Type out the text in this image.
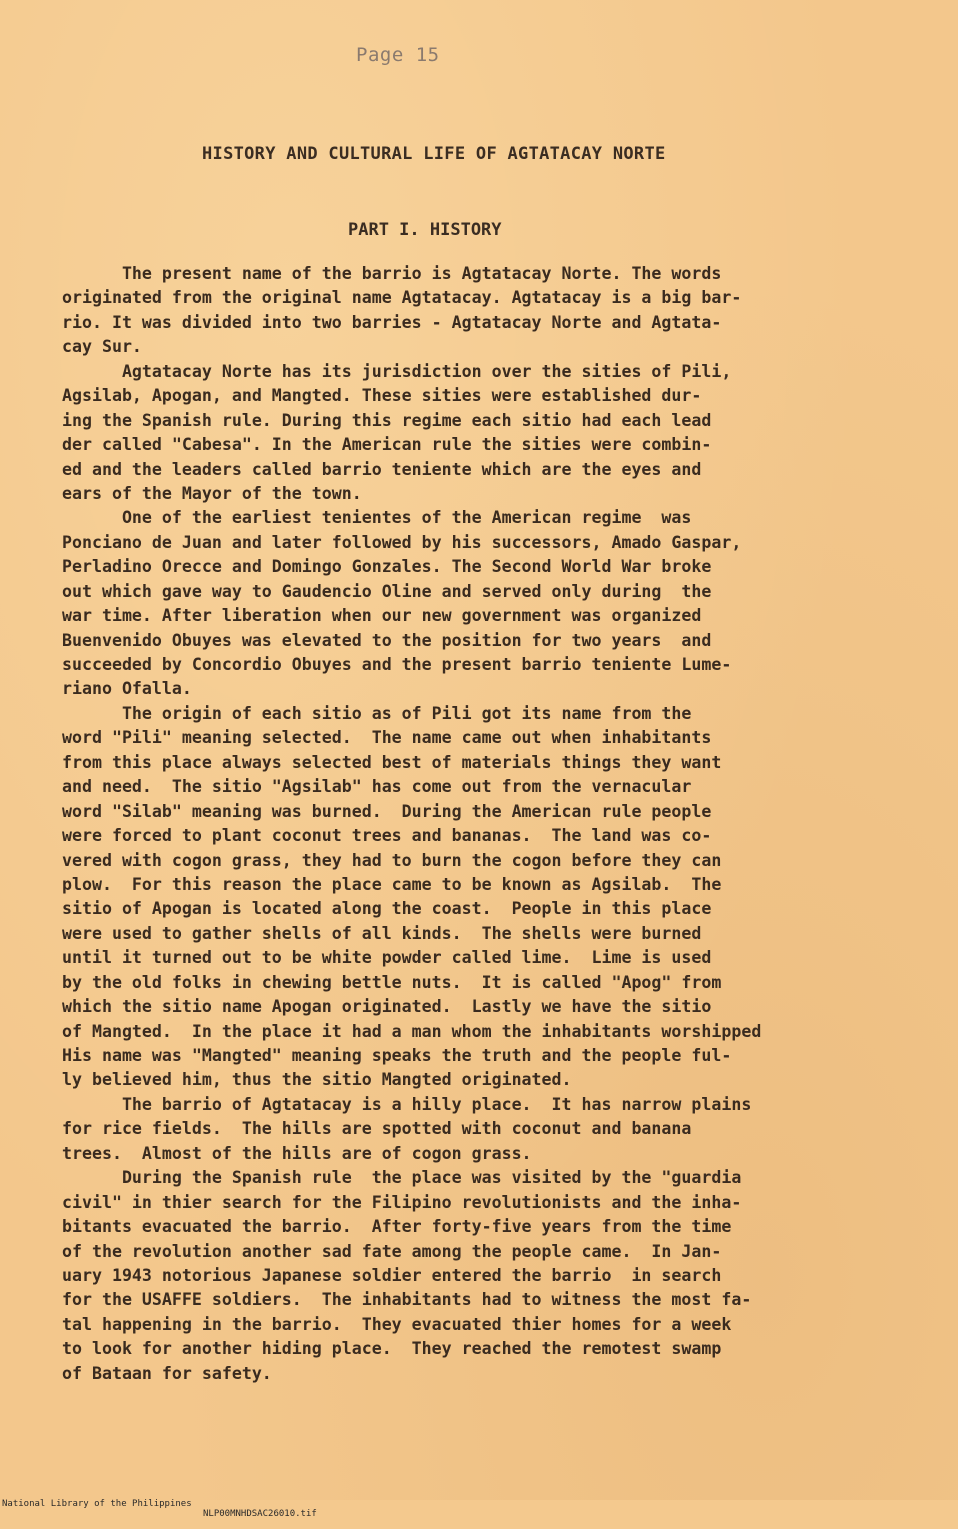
Page 15
HISTORY AND CULTURAL LIFE OF AGTATACAY NORTE
PART I. HISTORY
The present name of the barrio is Agtatacay Norte. The words
originated from the original name Agtatacay. Agtatacay is a big bar-
rio. It was divided into two barries - Agtatacay Norte and Agtata-
cay Sur.
Agtatacay Norte has its jurisdiction over the sities of Pili,
Agsilab, Apogan, and Mangted. These sities were established dur-
ing the Spanish rule. During this regime each sitio had each lead
der called "Cabesa". In the American rule the sities were combin-
ed and the leaders called barrio teniente which are the eyes and
ears of the Mayor of the town.
One of the earliest tenientes of the American regime  was
Ponciano de Juan and later followed by his successors, Amado Gaspar,
Perladino Orecce and Domingo Gonzales. The Second World War broke
out which gave way to Gaudencio Oline and served only during  the
war time. After liberation when our new government was organized
Buenvenido Obuyes was elevated to the position for two years  and
succeeded by Concordio Obuyes and the present barrio teniente Lume-
riano Ofalla.
The origin of each sitio as of Pili got its name from the
word "Pili" meaning selected.  The name came out when inhabitants
from this place always selected best of materials things they want
and need.  The sitio "Agsilab" has come out from the vernacular
word "Silab" meaning was burned.  During the American rule people
were forced to plant coconut trees and bananas.  The land was co-
vered with cogon grass, they had to burn the cogon before they can
plow.  For this reason the place came to be known as Agsilab.  The
sitio of Apogan is located along the coast.  People in this place
were used to gather shells of all kinds.  The shells were burned
until it turned out to be white powder called lime.  Lime is used
by the old folks in chewing bettle nuts.  It is called "Apog" from
which the sitio name Apogan originated.  Lastly we have the sitio
of Mangted.  In the place it had a man whom the inhabitants worshipped
His name was "Mangted" meaning speaks the truth and the people ful-
ly believed him, thus the sitio Mangted originated.
The barrio of Agtatacay is a hilly place.  It has narrow plains
for rice fields.  The hills are spotted with coconut and banana
trees.  Almost of the hills are of cogon grass.
During the Spanish rule  the place was visited by the "guardia
civil" in thier search for the Filipino revolutionists and the inha-
bitants evacuated the barrio.  After forty-five years from the time
of the revolution another sad fate among the people came.  In Jan-
uary 1943 notorious Japanese soldier entered the barrio  in search
for the USAFFE soldiers.  The inhabitants had to witness the most fa-
tal happening in the barrio.  They evacuated thier homes for a week
to look for another hiding place.  They reached the remotest swamp
of Bataan for safety.

National Library of the Philippines

NLP00MNHDSAC26010.tif
